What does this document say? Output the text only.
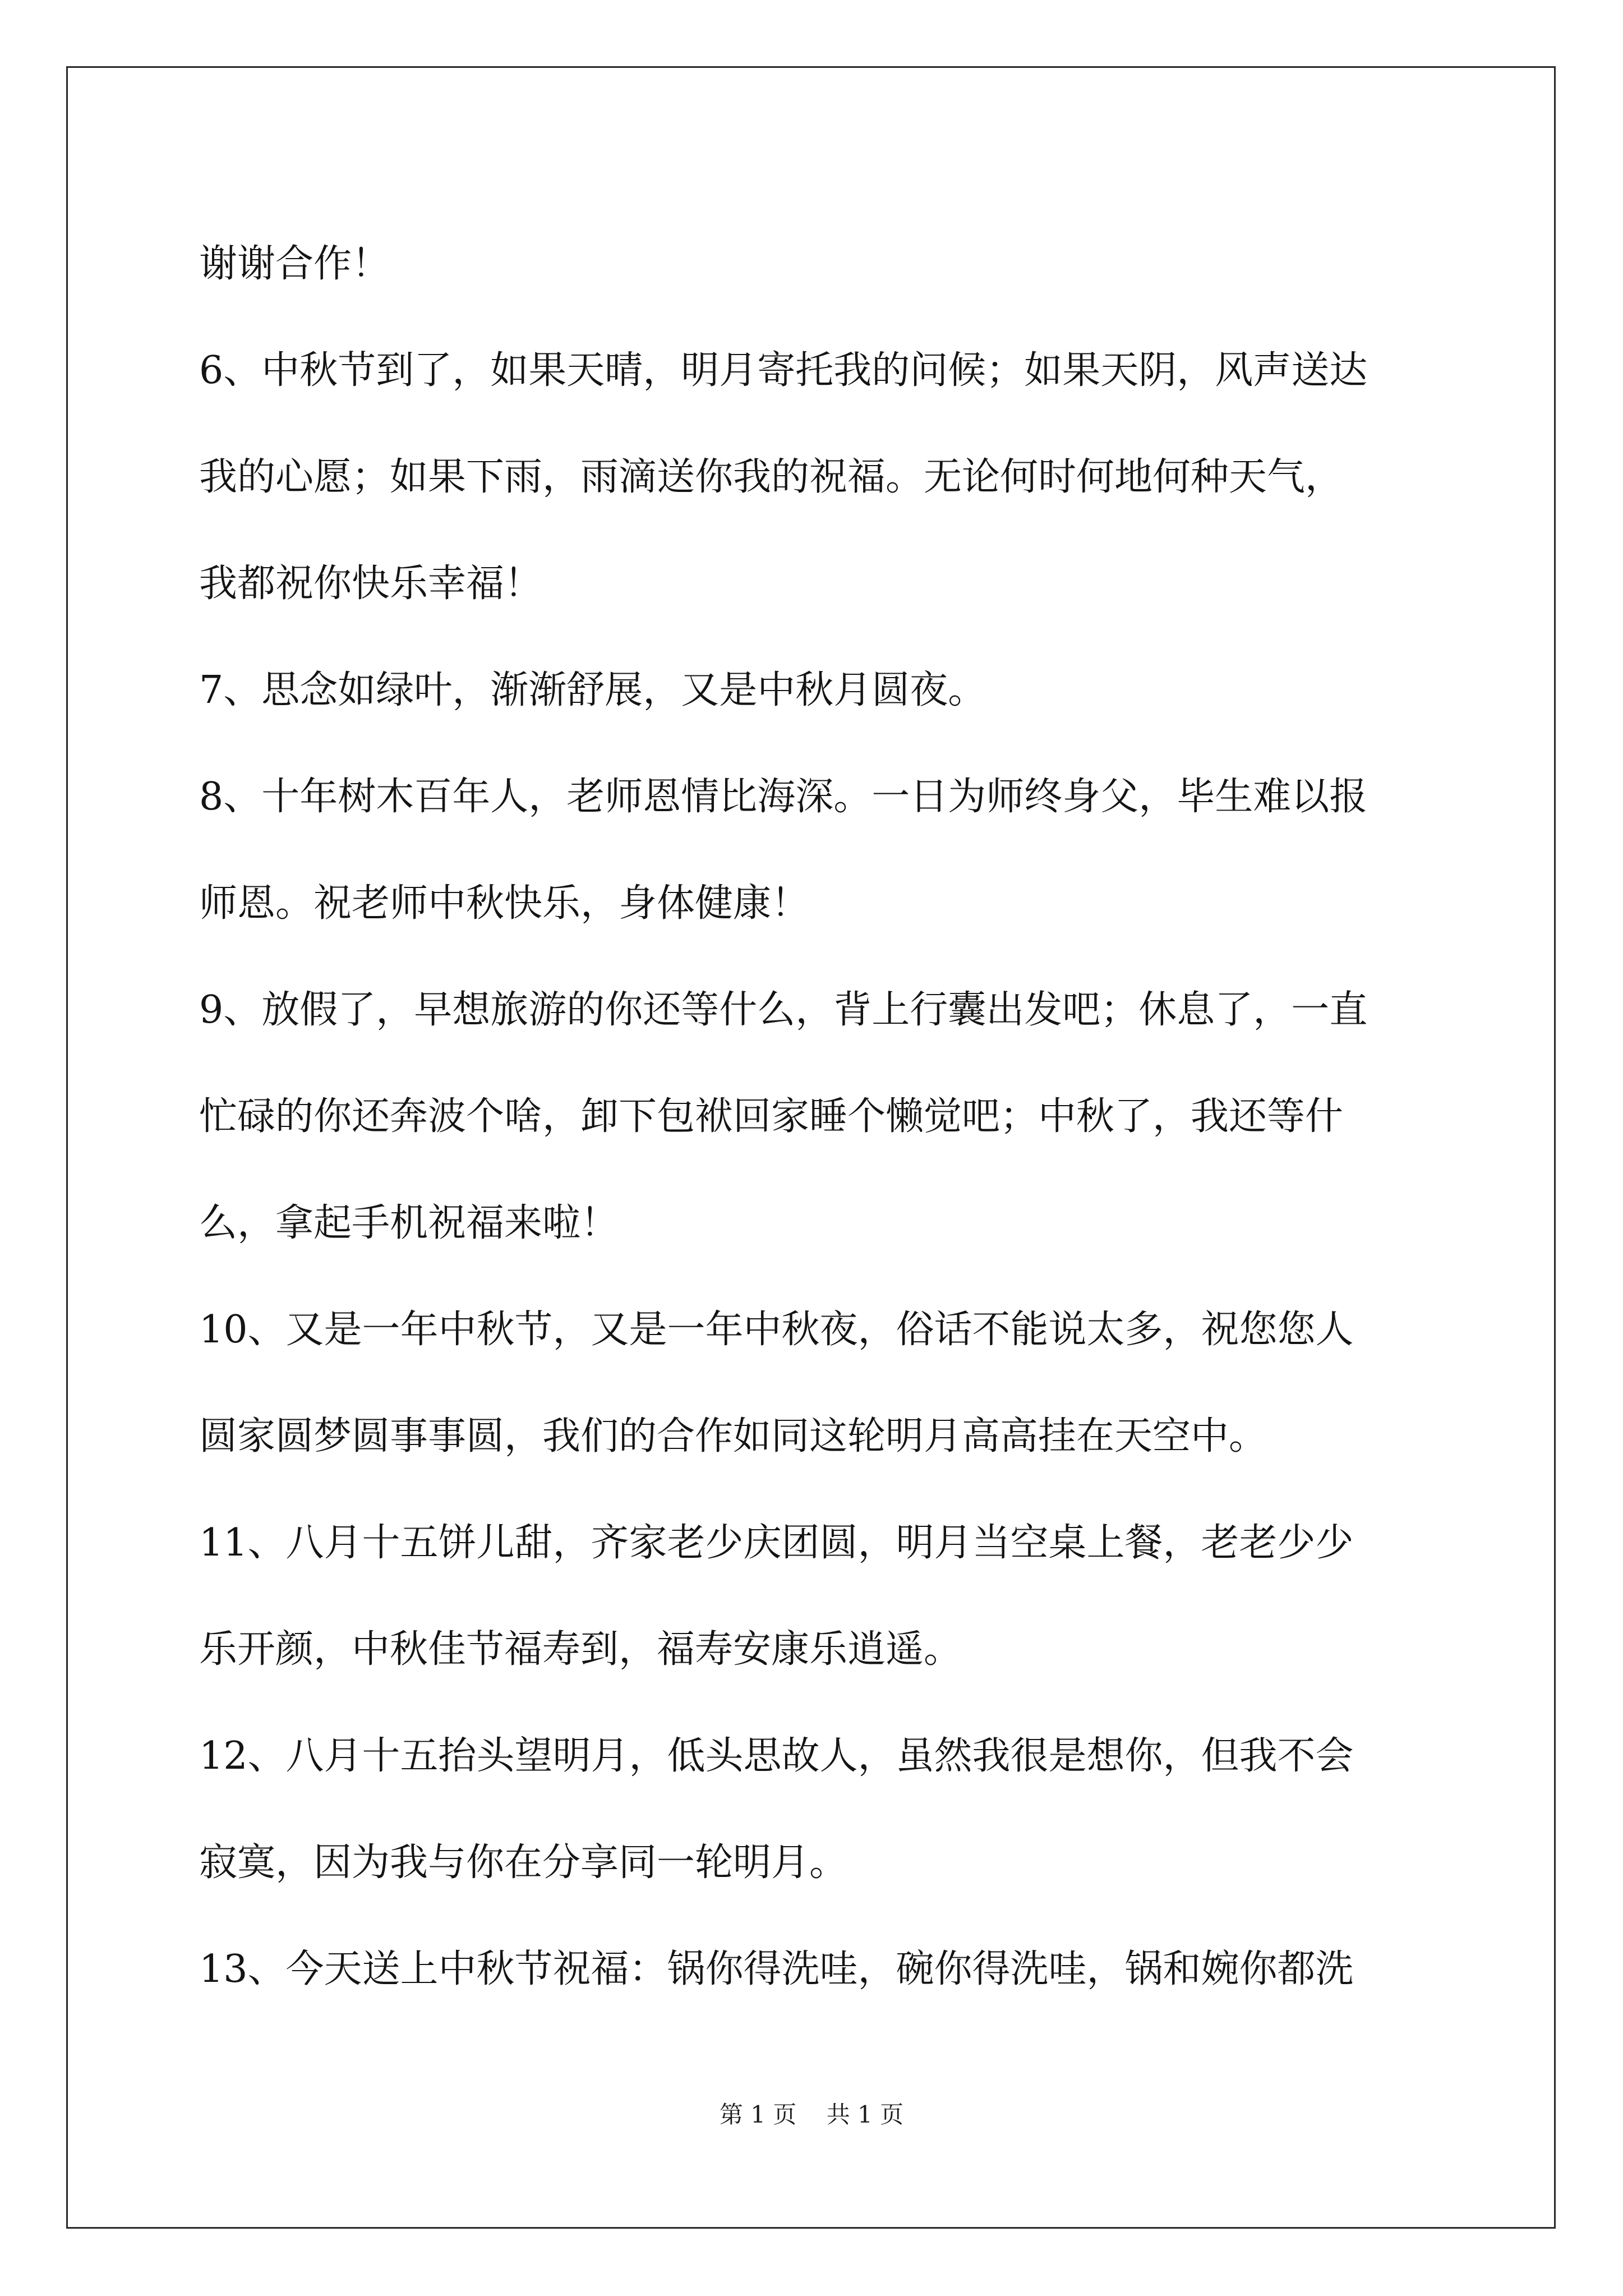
谢谢合作！
6、中秋节到了，如果天晴，明月寄托我的问候；如果天阴，风声送达
我的心愿；如果下雨，雨滴送你我的祝福。无论何时何地何种天气，
我都祝你快乐幸福！
7、思念如绿叶，渐渐舒展，又是中秋月圆夜。
8、十年树木百年人，老师恩情比海深。一日为师终身父，毕生难以报
师恩。祝老师中秋快乐，身体健康！
9、放假了，早想旅游的你还等什么，背上行囊出发吧；休息了，一直
忙碌的你还奔波个啥，卸下包袱回家睡个懒觉吧；中秋了，我还等什
么，拿起手机祝福来啦！
10、又是一年中秋节，又是一年中秋夜，俗话不能说太多，祝您您人
圆家圆梦圆事事圆，我们的合作如同这轮明月高高挂在天空中。
11、八月十五饼儿甜，齐家老少庆团圆，明月当空桌上餐，老老少少
乐开颜，中秋佳节福寿到，福寿安康乐逍遥。
12、八月十五抬头望明月，低头思故人，虽然我很是想你，但我不会
寂寞，因为我与你在分享同一轮明月。
13、今天送上中秋节祝福：锅你得洗哇，碗你得洗哇，锅和婉你都洗
第 1 页    共 1 页
